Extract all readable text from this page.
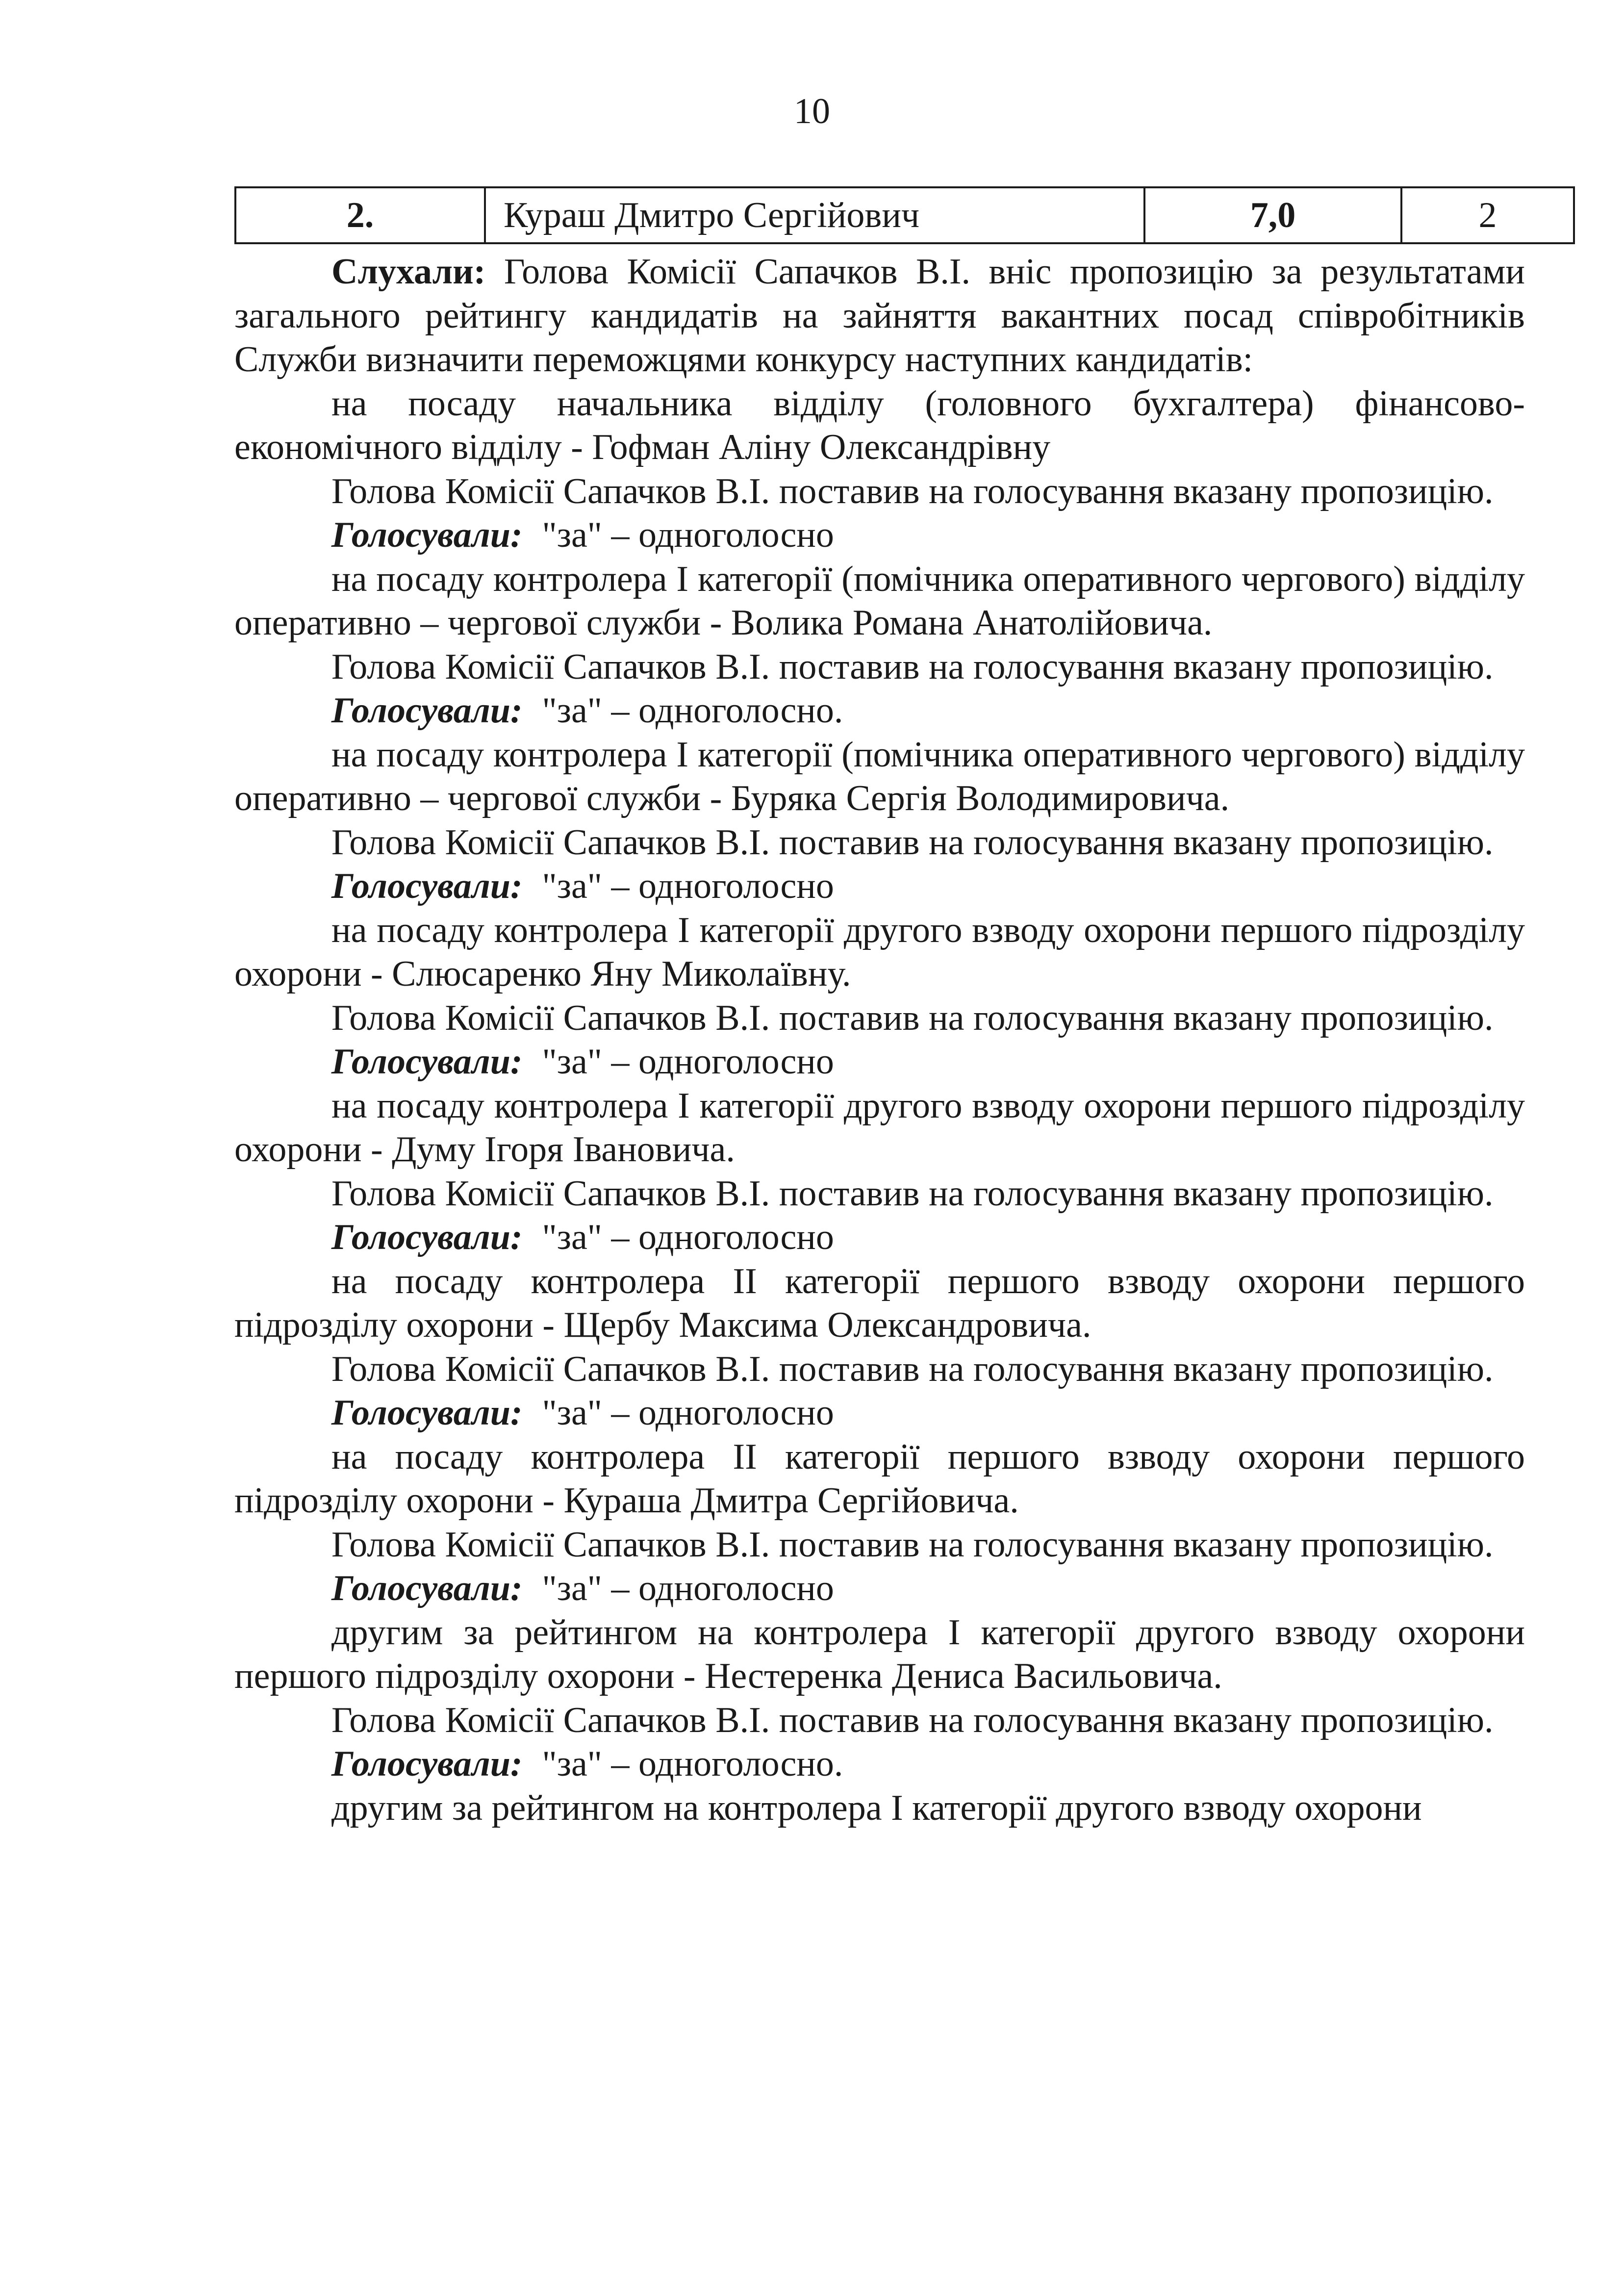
10
2.	Кураш Дмитро Сергійович	7,0	2

Слухали: Голова Комісії Сапачков В.І. вніс пропозицію за результатами загального рейтингу кандидатів на зайняття вакантних посад співробітників Служби визначити переможцями конкурсу наступних кандидатів:

на посаду начальника відділу (головного бухгалтера) фінансово-економічного відділу - Гофман Аліну Олександрівну

Голова Комісії Сапачков В.І. поставив на голосування вказану пропозицію.

Голосували: "за" – одноголосно

на посаду контролера І категорії (помічника оперативного чергового) відділу оперативно – чергової служби - Волика Романа Анатолійовича.

Голова Комісії Сапачков В.І. поставив на голосування вказану пропозицію.

Голосували: "за" – одноголосно.

на посаду контролера І категорії (помічника оперативного чергового) відділу оперативно – чергової служби - Буряка Сергія Володимировича.

Голова Комісії Сапачков В.І. поставив на голосування вказану пропозицію.

Голосували: "за" – одноголосно

на посаду контролера І категорії другого взводу охорони першого підрозділу охорони - Слюсаренко Яну Миколаївну.

Голова Комісії Сапачков В.І. поставив на голосування вказану пропозицію.

Голосували: "за" – одноголосно

на посаду контролера І категорії другого взводу охорони першого підрозділу охорони - Думу Ігоря Івановича.

Голова Комісії Сапачков В.І. поставив на голосування вказану пропозицію.

Голосували: "за" – одноголосно

на посаду контролера ІІ категорії першого взводу охорони першого підрозділу охорони - Щербу Максима Олександровича.

Голова Комісії Сапачков В.І. поставив на голосування вказану пропозицію.

Голосували: "за" – одноголосно

на посаду контролера ІІ категорії першого взводу охорони першого підрозділу охорони - Кураша Дмитра Сергійовича.

Голова Комісії Сапачков В.І. поставив на голосування вказану пропозицію.

Голосували: "за" – одноголосно

другим за рейтингом на контролера І категорії другого взводу охорони першого підрозділу охорони - Нестеренка Дениса Васильовича.

Голова Комісії Сапачков В.І. поставив на голосування вказану пропозицію.

Голосували: "за" – одноголосно.

другим за рейтингом на контролера І категорії другого взводу охорони
